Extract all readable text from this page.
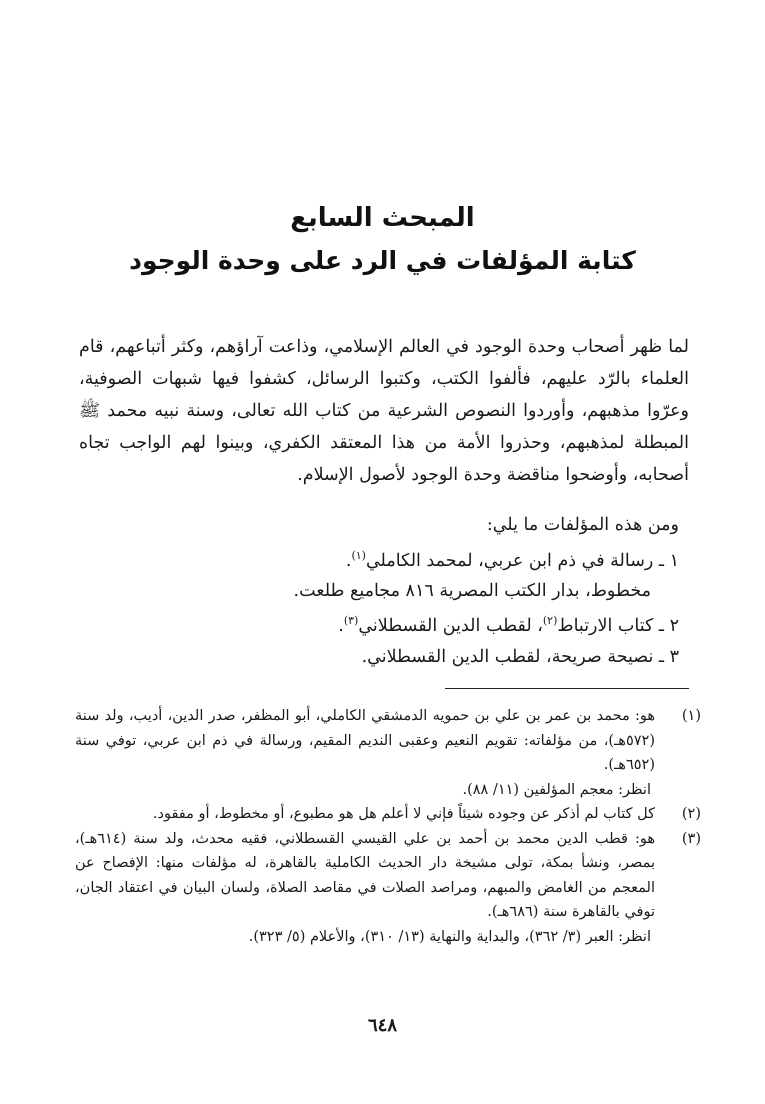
المبحث السابع
كتابة المؤلفات في الرد على وحدة الوجود

لما ظهر أصحاب وحدة الوجود في العالم الإسلامي، وذاعت آراؤهم، وكثر أتباعهم، قام العلماء بالرّد عليهم، فألفوا الكتب، وكتبوا الرسائل، كشفوا فيها شبهات الصوفية، وعرّوا مذهبهم، وأوردوا النصوص الشرعية من كتاب الله تعالى، وسنة نبيه محمد ﷺ المبطلة لمذهبهم، وحذروا الأمة من هذا المعتقد الكفري، وبينوا لهم الواجب تجاه أصحابه، وأوضحوا مناقضة وحدة الوجود لأصول الإسلام.

ومن هذه المؤلفات ما يلي:
١ ـ رسالة في ذم ابن عربي، لمحمد الكاملي$^{(١)}$.
مخطوط، بدار الكتب المصرية ٨١٦ مجاميع طلعت.
٢ ـ كتاب الارتباط$^{(٢)}$، لقطب الدين القسطلاني$^{(٣)}$.
٣ ـ نصيحة صريحة، لقطب الدين القسطلاني.
(١)

هو: محمد بن عمر بن علي بن حمويه الدمشقي الكاملي، أبو المظفر، صدر الدين، أديب، ولد سنة (٥٧٢هـ)، من مؤلفاته: تقويم النعيم وعقبى النديم المقيم، ورسالة في ذم ابن عربي، توفي سنة (٦٥٢هـ).

انظر: معجم المؤلفين (١١/ ٨٨).

(٢)

كل كتاب لم أذكر عن وجوده شيئاً فإني لا أعلم هل هو مطبوع، أو مخطوط، أو مفقود.

(٣)

هو: قطب الدين محمد بن أحمد بن علي القيسي القسطلاني، فقيه محدث، ولد سنة (٦١٤هـ)، بمصر، ونشأ بمكة، تولى مشيخة دار الحديث الكاملية بالقاهرة، له مؤلفات منها: الإفصاح عن المعجم من الغامض والمبهم، ومراصد الصلات في مقاصد الصلاة، ولسان البيان في اعتقاد الجان، توفي بالقاهرة سنة (٦٨٦هـ).

انظر: العبر (٣/ ٣٦٢)، والبداية والنهاية (١٣/ ٣١٠)، والأعلام (٥/ ٣٢٣).

٦٤٨
